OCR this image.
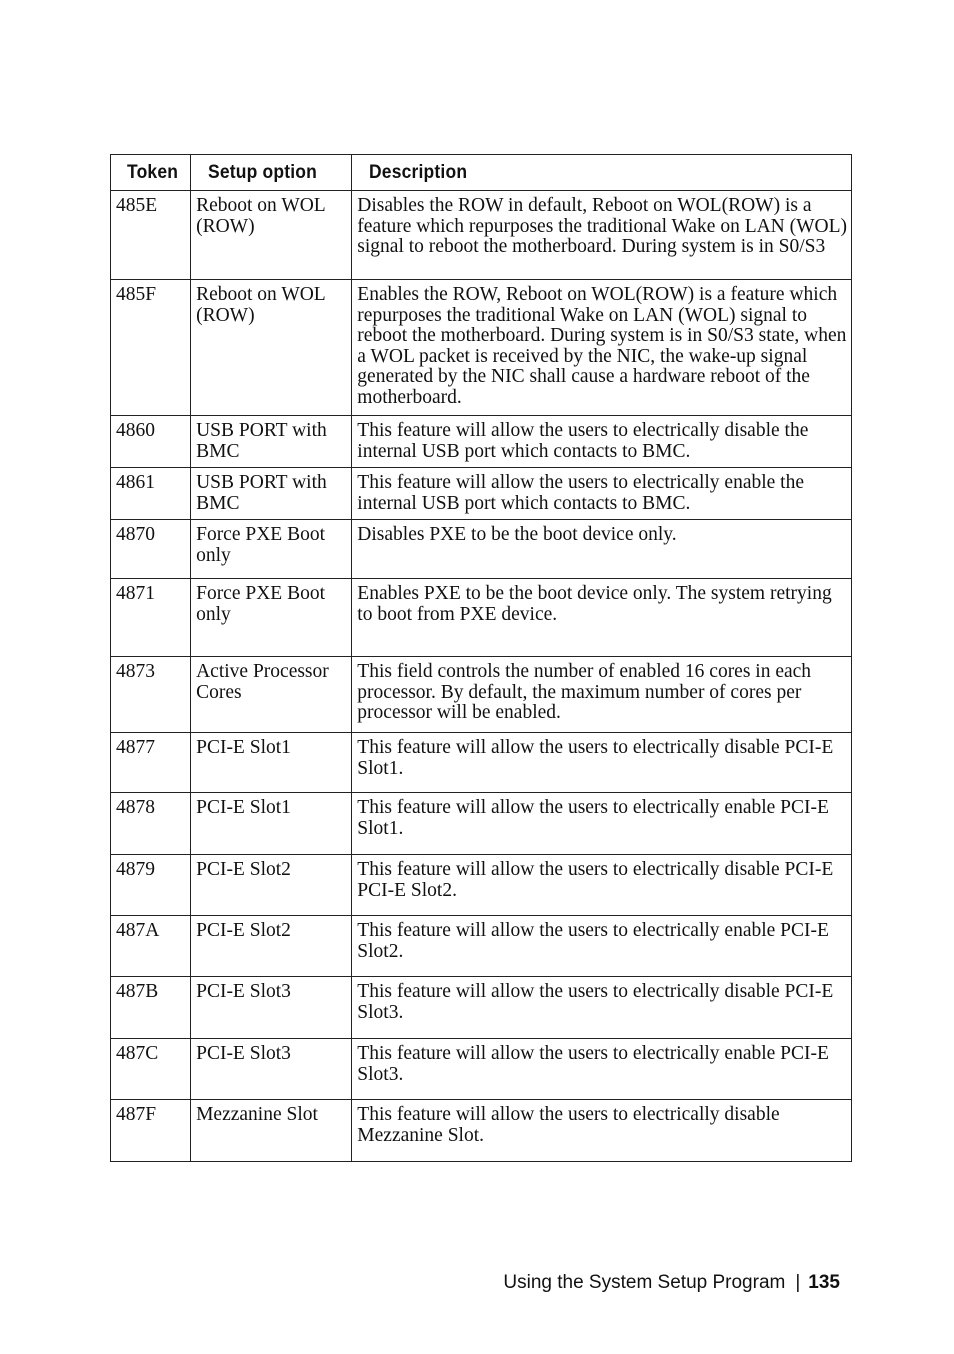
Token	Setup option	Description

485E	Reboot on WOL (ROW)	Disables the ROW in default, Reboot on WOL(ROW) is a feature which repurposes the traditional Wake on LAN (WOL) signal to reboot the motherboard. During system is in S0/S3

485F	Reboot on WOL (ROW)	Enables the ROW, Reboot on WOL(ROW) is a feature which repurposes the traditional Wake on LAN (WOL) signal to reboot the motherboard. During system is in S0/S3 state, when a WOL packet is received by the NIC, the wake-up signal generated by the NIC shall cause a hardware reboot of the motherboard.

4860	USB PORT with BMC	This feature will allow the users to electrically disable the internal USB port which contacts to BMC.

4861	USB PORT with BMC	This feature will allow the users to electrically enable the internal USB port which contacts to BMC.

4870	Force PXE Boot only	Disables PXE to be the boot device only.

4871	Force PXE Boot only	Enables PXE to be the boot device only. The system retrying to boot from PXE device.

4873	Active Processor Cores	This field controls the number of enabled 16 cores in each processor. By default, the maximum number of cores per processor will be enabled.

4877	PCI-E Slot1	This feature will allow the users to electrically disable PCI-E Slot1.

4878	PCI-E Slot1	This feature will allow the users to electrically enable PCI-E Slot1.

4879	PCI-E Slot2	This feature will allow the users to electrically disable PCI-E PCI-E Slot2.

487A	PCI-E Slot2	This feature will allow the users to electrically enable PCI-E Slot2.

487B	PCI-E Slot3	This feature will allow the users to electrically disable PCI-E Slot3.

487C	PCI-E Slot3	This feature will allow the users to electrically enable PCI-E Slot3.

487F	Mezzanine Slot	This feature will allow the users to electrically disable Mezzanine Slot.
Using the System Setup Program | 135
